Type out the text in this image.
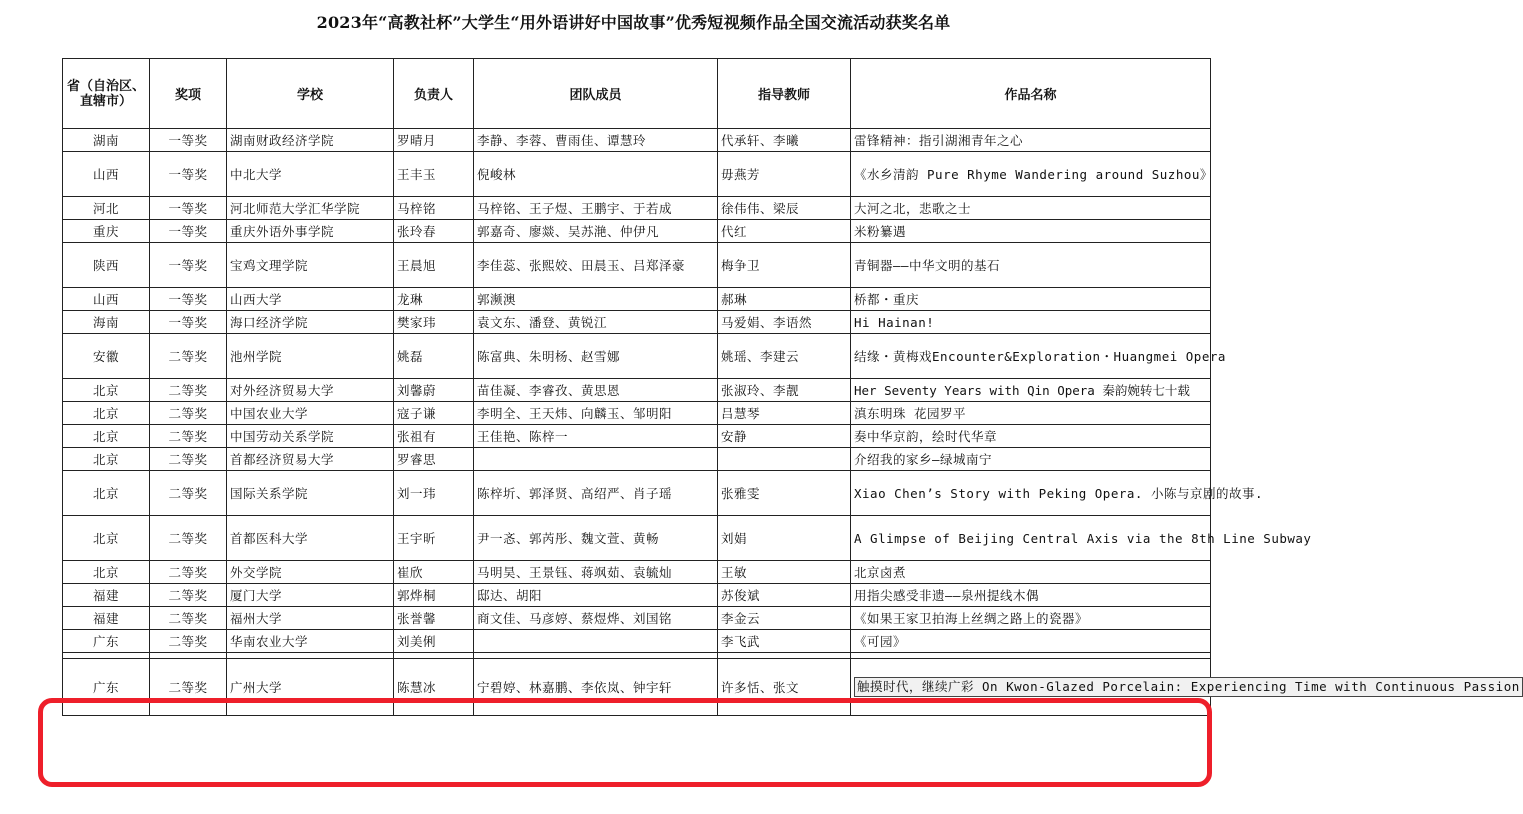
2023年“高教社杯”大学生“用外语讲好中国故事”优秀短视频作品全国交流活动获奖名单
省（自治区、直辖市）	奖项	学校	负责人	团队成员	指导教师	作品名称
湖南	一等奖	湖南财政经济学院	罗晴月	李静、李蓉、曹雨佳、谭慧玲	代承轩、李曦	雷锋精神：指引湖湘青年之心
山西	一等奖	中北大学	王丰玉	倪峻林	毋燕芳	《水乡清韵 Pure Rhyme Wandering around Suzhou》
河北	一等奖	河北师范大学汇华学院	马梓铭	马梓铭、王子煜、王鹏宇、于若成	徐伟伟、梁辰	大河之北，悲歌之士
重庆	一等奖	重庆外语外事学院	张玲春	郭嘉奇、廖燚、吴苏滟、仲伊凡	代红	米粉纂遇
陕西	一等奖	宝鸡文理学院	王晨旭	李佳蕊、张熙姣、田晨玉、吕郑泽豪	梅争卫	青铜器——中华文明的基石
山西	一等奖	山西大学	龙琳	郭濒澳	郝琳	桥都・重庆
海南	一等奖	海口经济学院	樊家玮	袁文东、潘登、黄锐江	马爱娟、李语然	Hi Hainan!
安徽	二等奖	池州学院	姚磊	陈富典、朱明杨、赵雪娜	姚瑶、李建云	结缘・黄梅戏Encounter&Exploration・Huangmei Opera
北京	二等奖	对外经济贸易大学	刘馨蔚	苗佳凝、李睿孜、黄思恩	张淑玲、李靓	Her Seventy Years with Qin Opera 秦韵婉转七十载
北京	二等奖	中国农业大学	寇子谦	李明全、王天炜、向麟玉、邹明阳	吕慧琴	滇东明珠 花园罗平
北京	二等奖	中国劳动关系学院	张祖有	王佳艳、陈梓一	安静	奏中华京韵，绘时代华章
北京	二等奖	首都经济贸易大学	罗睿思			介绍我的家乡—绿城南宁
北京	二等奖	国际关系学院	刘一玮	陈梓圻、郭泽贤、高绍严、肖子瑶	张雅雯	Xiao Chen’s Story with Peking Opera. 小陈与京剧的故事.
北京	二等奖	首都医科大学	王宇昕	尹一忞、郭芮彤、魏文萱、黄畅	刘娟	A Glimpse of Beijing Central Axis via the 8th Line Subway
北京	二等奖	外交学院	崔欣	马明昊、王景钰、蒋飒茹、袁毓灿	王敏	北京卤煮
福建	二等奖	厦门大学	郭烨桐	邸达、胡阳	苏俊斌	用指尖感受非遗——泉州提线木偶
福建	二等奖	福州大学	张誉馨	商文佳、马彦婷、蔡煜烨、刘国铭	李金云	《如果王家卫拍海上丝绸之路上的瓷器》
广东	二等奖	华南农业大学	刘美俐		李飞武	《可园》

广东	二等奖	广州大学	陈慧冰	宁碧婷、林嘉鹏、李依岚、钟宇轩	许多恬、张文	触摸时代，继续广彩 On Kwon-Glazed Porcelain: Experiencing Time with Continuous Passion
